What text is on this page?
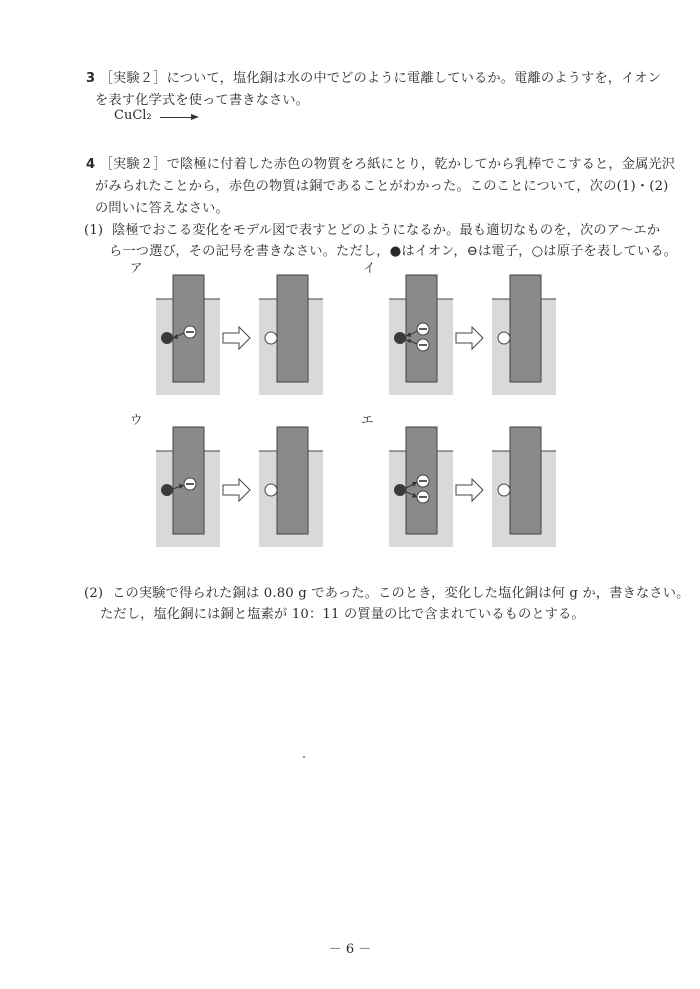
3 ［実験２］について，塩化銅は水の中でどのように電離しているか。電離のようすを，イオン
を表す化学式を使って書きなさい。
CuCl₂
4 ［実験２］で陰極に付着した赤色の物質をろ紙にとり，乾かしてから乳棒でこすると，金属光沢
がみられたことから，赤色の物質は銅であることがわかった。このことについて，次の(1)・(2)
の問いに答えなさい。
(1) 陰極でおこる変化をモデル図で表すとどのようになるか。最も適切なものを，次のア～エか
ら一つ選び，その記号を書きなさい。ただし，●はイオン，⊖は電子，○は原子を表している。
ア	イ
ウ	エ
(2) この実験で得られた銅は 0.80 g であった。このとき，変化した塩化銅は何 g か，書きなさい。
ただし，塩化銅には銅と塩素が 10：11 の質量の比で含まれているものとする。
－ 6 －
